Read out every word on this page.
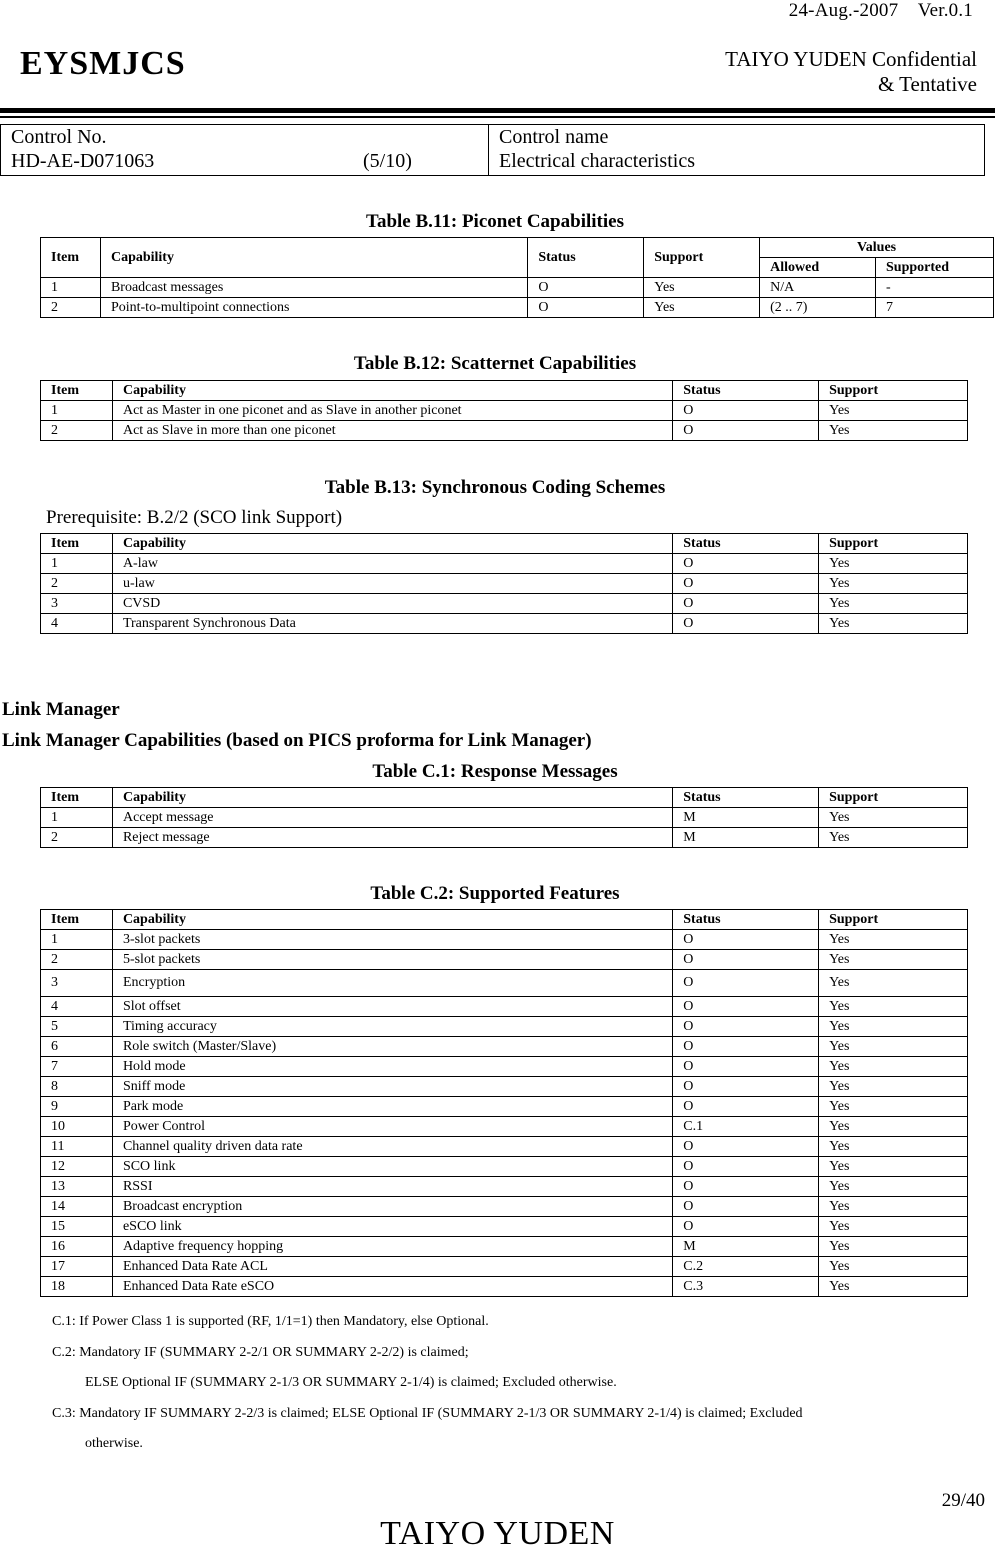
24-Aug.-2007    Ver.0.1
EYSMJCS	TAIYO YUDEN Confidential
& Tentative
Control No.
HD-AE-D071063	(5/10)
Control name
Electrical characteristics
Table B.11: Piconet Capabilities
Item	Capability	Status	Support	Values	
				Allowed	Supported
1	Broadcast messages	O	Yes	N/A	-
2	Point-to-multipoint connections	O	Yes	(2 .. 7)	7
Table B.12: Scatternet Capabilities
Item	Capability	Status	Support
1	Act as Master in one piconet and as Slave in another piconet	O	Yes
2	Act as Slave in more than one piconet	O	Yes
Table B.13: Synchronous Coding Schemes
Prerequisite: B.2/2 (SCO link Support)
Item	Capability	Status	Support
1	A-law	O	Yes
2	u-law	O	Yes
3	CVSD	O	Yes
4	Transparent Synchronous Data	O	Yes
Link Manager
Link Manager Capabilities (based on PICS proforma for Link Manager)
Table C.1: Response Messages
Item	Capability	Status	Support
1	Accept message	M	Yes
2	Reject message	M	Yes
Table C.2: Supported Features
Item	Capability	Status	Support
1	3-slot packets	O	Yes
2	5-slot packets	O	Yes
3	Encryption	O	Yes
4	Slot offset	O	Yes
5	Timing accuracy	O	Yes
6	Role switch (Master/Slave)	O	Yes
7	Hold mode	O	Yes
8	Sniff mode	O	Yes
9	Park mode	O	Yes
10	Power Control	C.1	Yes
11	Channel quality driven data rate	O	Yes
12	SCO link	O	Yes
13	RSSI	O	Yes
14	Broadcast encryption	O	Yes
15	eSCO link	O	Yes
16	Adaptive frequency hopping	M	Yes
17	Enhanced Data Rate ACL	C.2	Yes
18	Enhanced Data Rate eSCO	C.3	Yes
C.1: If Power Class 1 is supported (RF, 1/1=1) then Mandatory, else Optional.
C.2: Mandatory IF (SUMMARY 2-2/1 OR SUMMARY 2-2/2) is claimed;
ELSE Optional IF (SUMMARY 2-1/3 OR SUMMARY 2-1/4) is claimed; Excluded otherwise.
C.3: Mandatory IF SUMMARY 2-2/3 is claimed; ELSE Optional IF (SUMMARY 2-1/3 OR SUMMARY 2-1/4) is claimed; Excluded
otherwise.
29/40
TAIYO YUDEN
